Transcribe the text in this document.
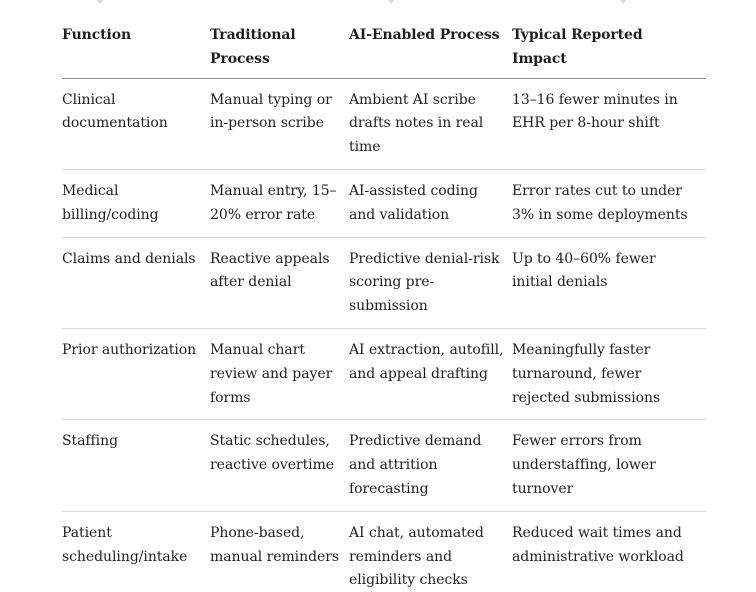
Function	Traditional Process	AI-Enabled Process	Typical Reported Impact
Clinical documentation	Manual typing or in-person scribe	Ambient AI scribe drafts notes in real time	13–16 fewer minutes in EHR per 8-hour shift
Medical billing/coding	Manual entry, 15–20% error rate	AI-assisted coding and validation	Error rates cut to under 3% in some deployments
Claims and denials	Reactive appeals after denial	Predictive denial-risk scoring pre-submission	Up to 40–60% fewer initial denials
Prior authorization	Manual chart review and payer forms	AI extraction, autofill, and appeal drafting	Meaningfully faster turnaround, fewer rejected submissions
Staffing	Static schedules, reactive overtime	Predictive demand and attrition forecasting	Fewer errors from understaffing, lower turnover
Patient scheduling/intake	Phone-based, manual reminders	AI chat, automated reminders and eligibility checks	Reduced wait times and administrative workload
